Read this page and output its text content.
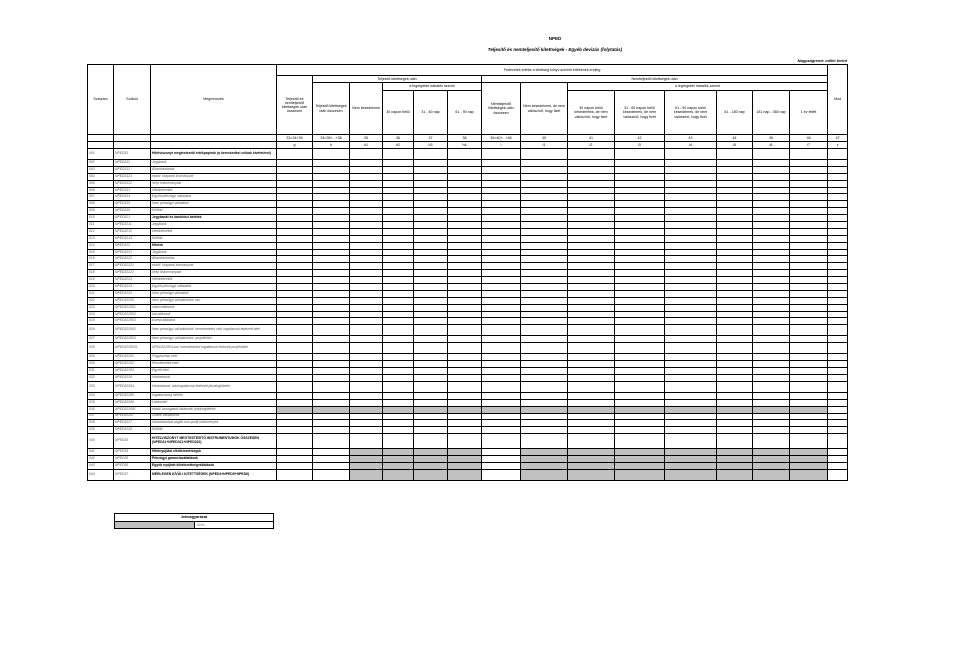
NPED
Teljesítő és nemteljesítő kitettségek - Egyéb devizás (folytatás)
Nagyságrend: millió forint
Sorszám	Sorkód	Megnevezés	Fedezetek értéke a kitettség könyv szerinti értékének erejéig														Mód
			Teljesítő és nemteljesítő kitettségek után összesen	Teljesítő kitettségek után					Nemteljesítő kitettségek után								
				Teljesítő kitettségek után összesen	Nem késedelmes	a legrégebbi hátralék szerint			Nemteljesítő kitettségek után összesen	Nem késedelmes, de nem valószínű, hogy fizet	a legrégebbi hátralék szerint						
						30 napon belül	31 - 60 nap	61 - 90 nap			30 napon belül késedelmes, de nem valószínű, hogy fizet	31 - 60 napon belül késedelmes, de nem valószínű, hogy fizet	61 - 90 napon belül késedelmes, de nem valószínű, hogy fizet	61 - 180 nap	181 nap - 365 nap	1 év felett	
			33=34+39	34=35+...+38	35	36	37	38	39=40+...+46	40	41	42	43	44	45	46	47
			g	h	h1	h2	h3	h4	i	i1	i2	i3	i4	i5	i6	i7	z
001	NPED31	Hitelviszonyt megtestesítő értékpapírok (a kereskedési célúak kivételével)															
002	NPED311	Jegybank															
003	NPED312	Államháztartás															
004	NPED3121	ebből: központi kormányzat															
005	NPED3122	helyi önkormányzat															
006	NPED313	Hitelintézetek															
007	NPED314	Egyéb pénzügyi vállalatok															
008	NPED315	Nem pénzügyi vállalatok															
009	NPED316	Külföld															
010	NPED321	Jegybanki és bankközi betétek															
011	NPED3211	Jegybank															
012	NPED3212	Hitelintézetek															
013	NPED3213	Külföld															
014	NPED322	Hitelek															
015	NPED3221	Jegybank															
016	NPED3222	Államháztartás															
017	NPED32221	ebből: központi kormányzat															
018	NPED32222	helyi önkormányzat															
019	NPED3223	Hitelintézetek															
020	NPED3224	Egyéb pénzügyi vállalatok															
021	NPED3225	Nem pénzügyi vállalatok															
022	NPED32250	Nem pénzügyi vállalatokból: kkv															
023	NPED322501	mikrovállalatok															
024	NPED322502	kisvállalatok															
025	NPED322503	középvállalatok															
026	NPED322502	Nem pénzügyi vállalatokból: kereskedelmi célú ingatlannal fedezett hitel															
027	NPED322503	Nem pénzügyi vállalatokból: projekthitel															
028	NPED3225031	NPED322503-ból: kereskedelmi ingatlannal fedezett projekthitel															
029	NPED32261	Fogyasztási hitel															
030	NPED32262	Részletvételi hitel															
031	NPED32263	Egyéb hitel															
032	NPED3226	Háztartások															
033	NPED32264	Háztartások: lakóingatlannal fedezett jelzáloghitelek															
034	NPED32265	Ingatlanlízing hitelek															
035	NPED32266	Lakáshitel															
036	NPED322661	ebből: támogatott lakáscélú jelzáloghitelek															
037	NPED32267	Önálló vállalkozók															
038	NPED3227	Háztartásokat segítő non-profit intézmények															
039	NPED3228	Külföld															
040	NPED33	HITELVISZONYT MEGTESTESÍTŐ INSTRUMENTUMOK ÖSSZESEN (NPED31+NPED321+NPED322)															
041	NPED34	Hitelnyújtási elkötelezettségek															
042	NPED35	Pénzügyi garanciavállalások															
043	NPED36	Egyéb nyújtott kötelezettségvállalások															
044	NPED37	MÉRLEGEN KÍVÜLI KITETTSÉGEK (NPED4+NPED5+NPED6)															
Jelmagyarázat
	Üres
